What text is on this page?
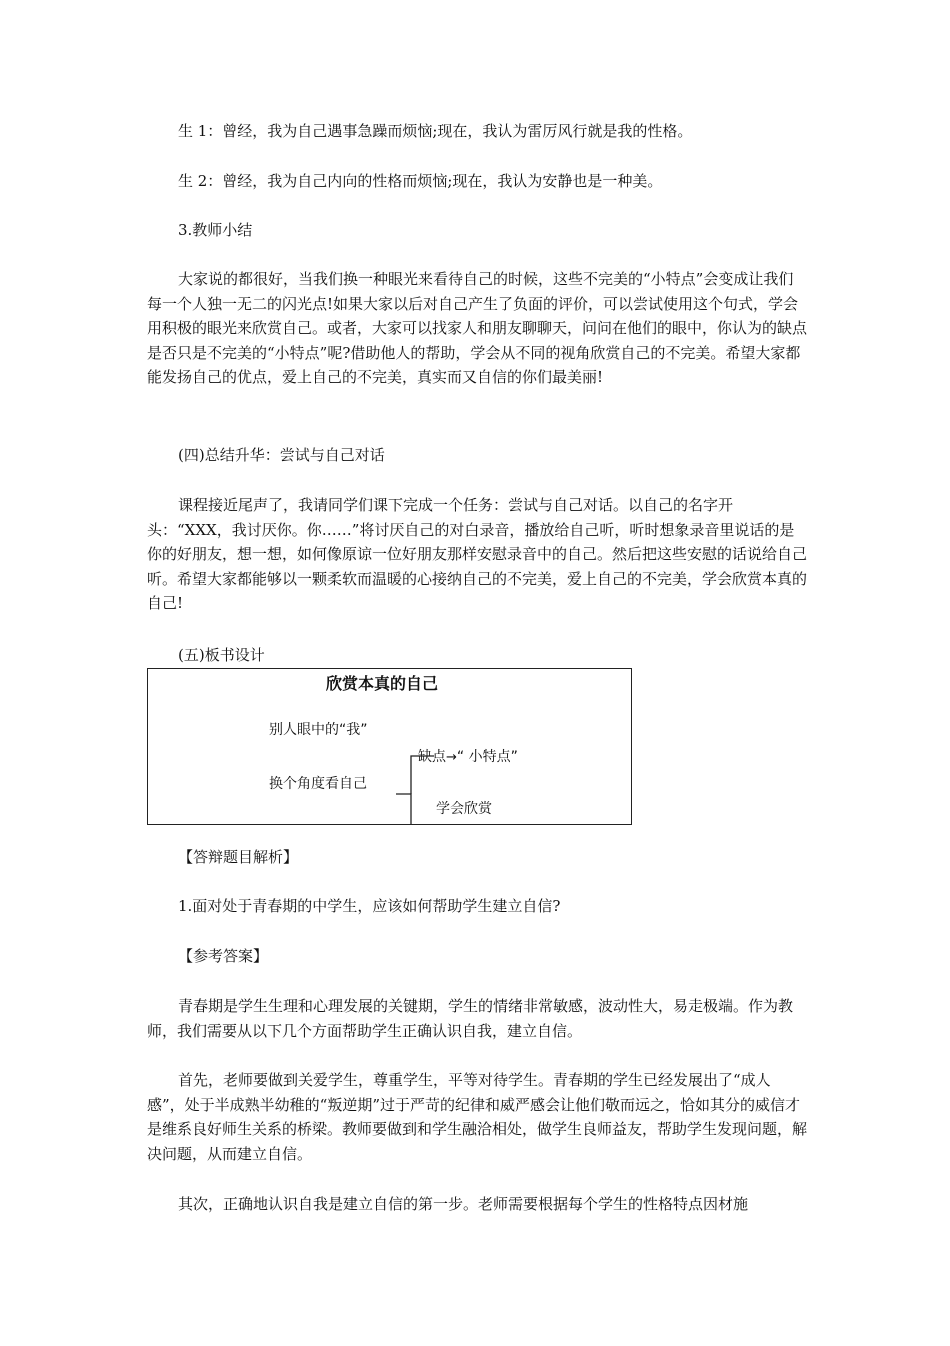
生 1：曾经，我为自己遇事急躁而烦恼;现在，我认为雷厉风行就是我的性格。

生 2：曾经，我为自己内向的性格而烦恼;现在，我认为安静也是一种美。

3.教师小结

大家说的都很好，当我们换一种眼光来看待自己的时候，这些不完美的“小特点”会变成让我们每一个人独一无二的闪光点!如果大家以后对自己产生了负面的评价，可以尝试使用这个句式，学会用积极的眼光来欣赏自己。或者，大家可以找家人和朋友聊聊天，问问在他们的眼中，你认为的缺点是否只是不完美的“小特点”呢?借助他人的帮助，学会从不同的视角欣赏自己的不完美。希望大家都能发扬自己的优点，爱上自己的不完美，真实而又自信的你们最美丽!

(四)总结升华：尝试与自己对话

课程接近尾声了，我请同学们课下完成一个任务：尝试与自己对话。以自己的名字开头：“XXX，我讨厌你。你……”将讨厌自己的对白录音，播放给自己听，听时想象录音里说话的是你的好朋友，想一想，如何像原谅一位好朋友那样安慰录音中的自己。然后把这些安慰的话说给自己听。希望大家都能够以一颗柔软而温暖的心接纳自己的不完美，爱上自己的不完美，学会欣赏本真的自己!

(五)板书设计

欣赏本真的自己
别人眼中的“我”
换个角度看自己
缺点→“ 小特点”
学会欣赏

【答辩题目解析】

1.面对处于青春期的中学生，应该如何帮助学生建立自信?

【参考答案】

青春期是学生生理和心理发展的关键期，学生的情绪非常敏感，波动性大，易走极端。作为教师，我们需要从以下几个方面帮助学生正确认识自我，建立自信。

首先，老师要做到关爱学生，尊重学生，平等对待学生。青春期的学生已经发展出了“成人感”，处于半成熟半幼稚的“叛逆期”过于严苛的纪律和威严感会让他们敬而远之，恰如其分的威信才是维系良好师生关系的桥梁。教师要做到和学生融洽相处，做学生良师益友，帮助学生发现问题，解决问题，从而建立自信。

其次，正确地认识自我是建立自信的第一步。老师需要根据每个学生的性格特点因材施
